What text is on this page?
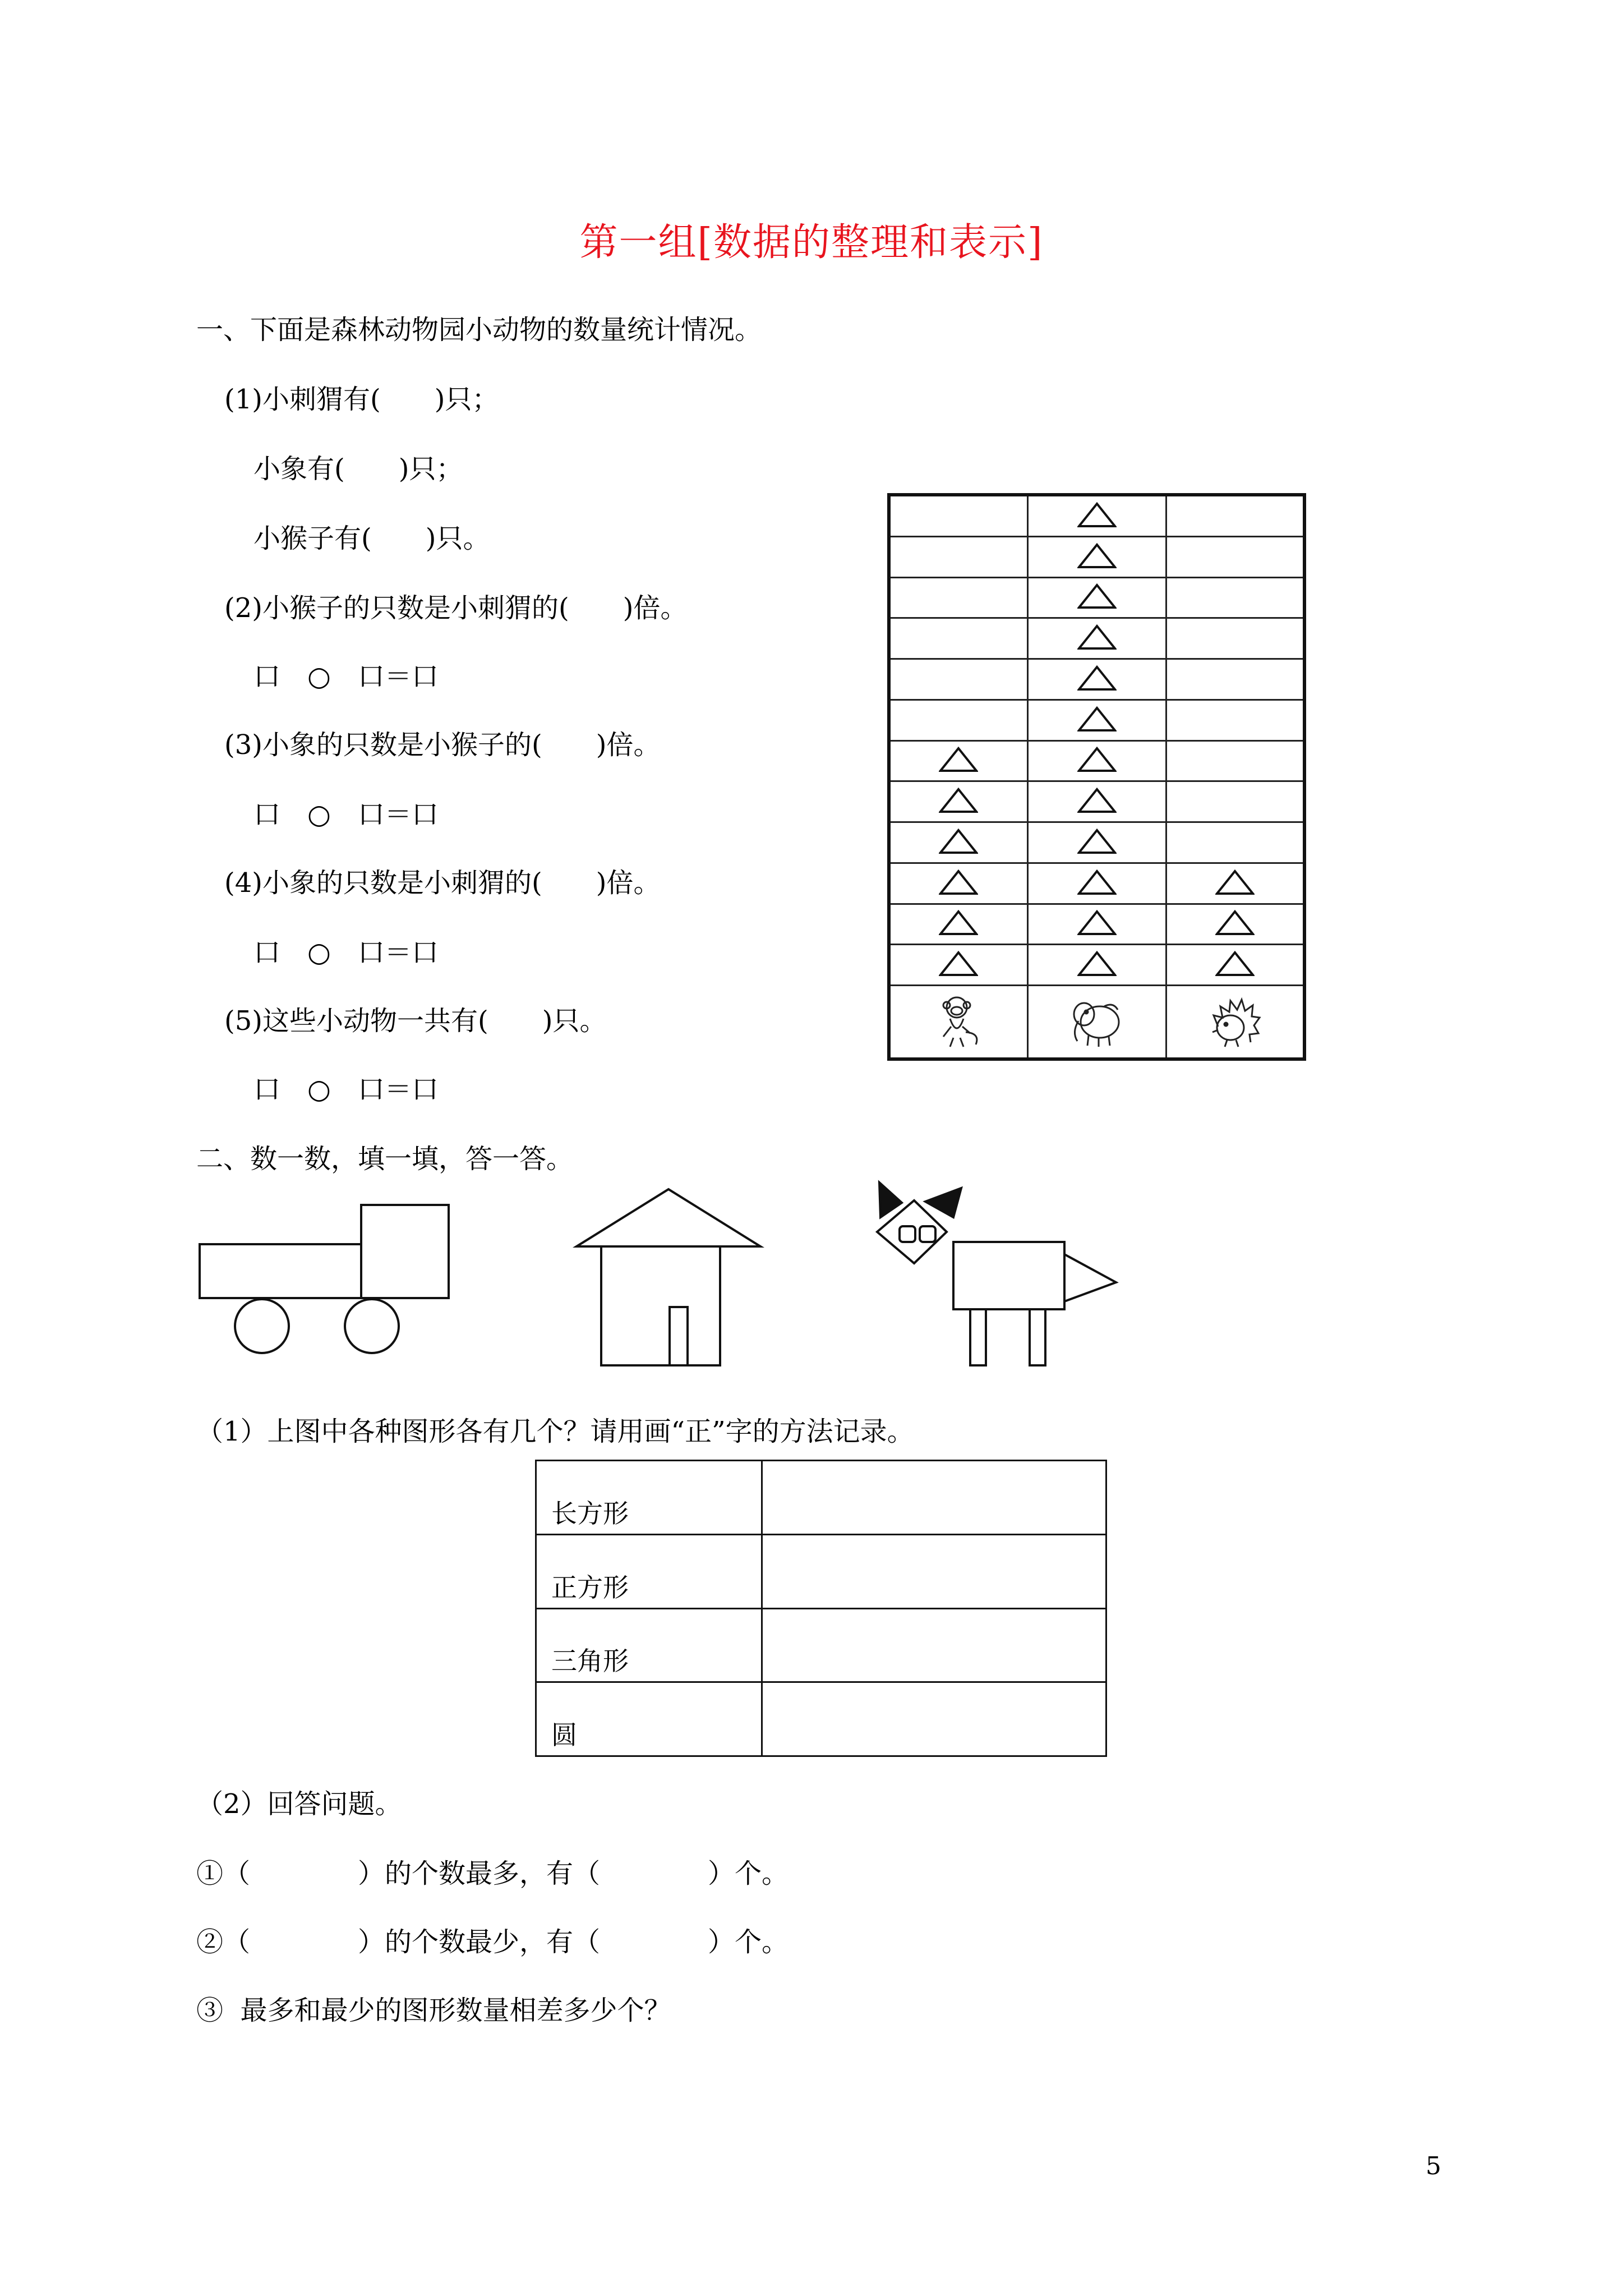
第一组[数据的整理和表示]
一、下面是森林动物园小动物的数量统计情况。
(1)小刺猬有(　　)只；
小象有(　　)只；
小猴子有(　　)只。
(2)小猴子的只数是小刺猬的(　　)倍。
口　○　口＝口
(3)小象的只数是小猴子的(　　)倍。
口　○　口＝口
(4)小象的只数是小刺猬的(　　)倍。
口　○　口＝口
(5)这些小动物一共有(　　)只。
口　○　口＝口

二、数一数，填一填，答一答。
（1）上图中各种图形各有几个？请用画“正”字的方法记录。
长方形	
正方形	
三角形	
圆	
（2）回答问题。
①（　　　　）的个数最多，有（　　　　）个。
②（　　　　）的个数最少，有（　　　　）个。
③  最多和最少的图形数量相差多少个？
5
